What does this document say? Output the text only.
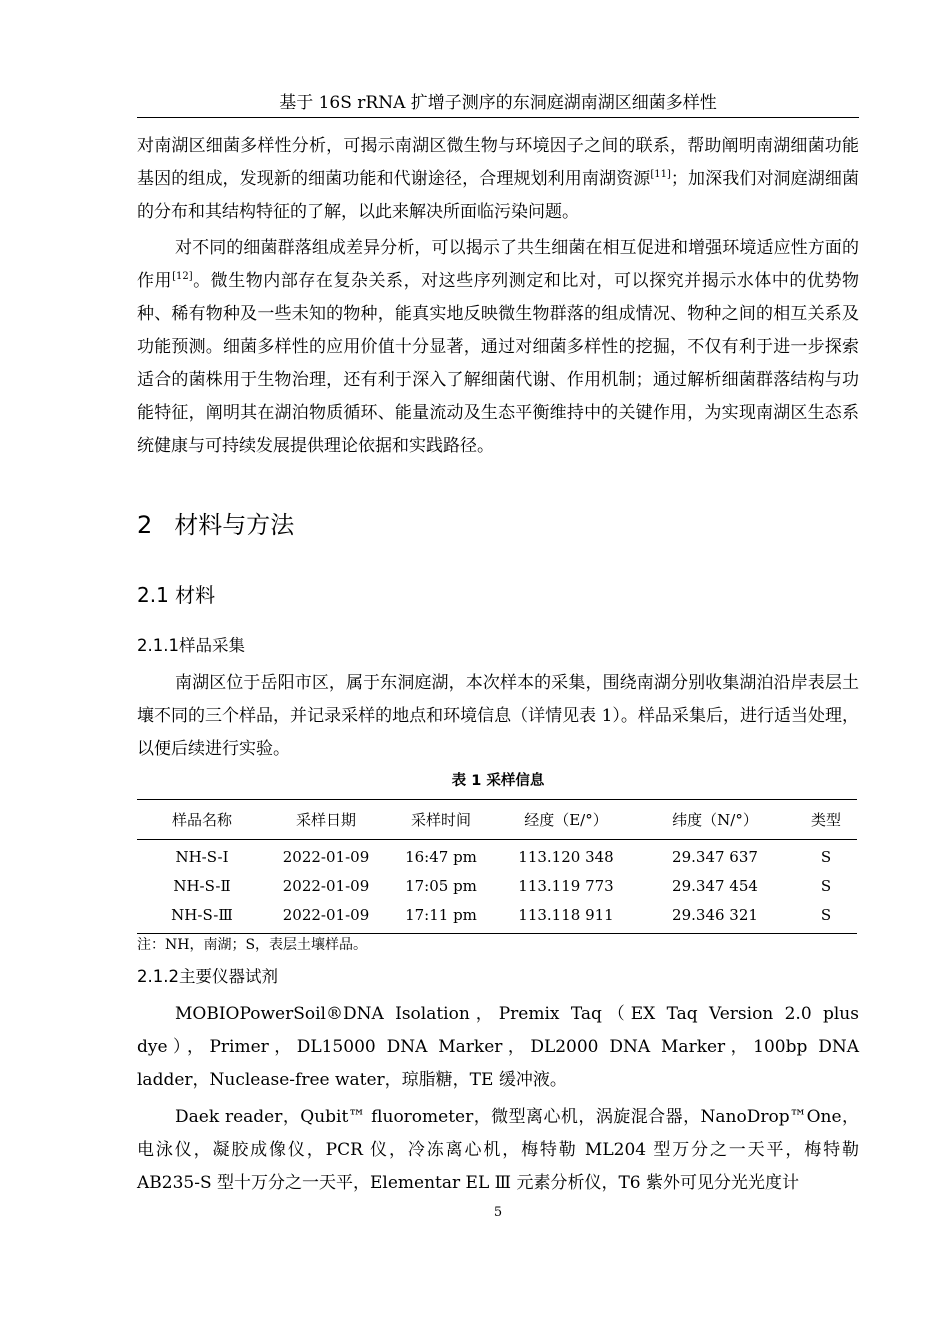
基于 16S rRNA 扩增子测序的东洞庭湖南湖区细菌多样性

对南湖区细菌多样性分析，可揭示南湖区微生物与环境因子之间的联系，帮助阐明南湖细菌功能基因的组成，发现新的细菌功能和代谢途径，合理规划利用南湖资源[11]；加深我们对洞庭湖细菌的分布和其结构特征的了解，以此来解决所面临污染问题。

对不同的细菌群落组成差异分析，可以揭示了共生细菌在相互促进和增强环境适应性方面的作用[12]。微生物内部存在复杂关系，对这些序列测定和比对，可以探究并揭示水体中的优势物种、稀有物种及一些未知的物种，能真实地反映微生物群落的组成情况、物种之间的相互关系及功能预测。细菌多样性的应用价值十分显著，通过对细菌多样性的挖掘，不仅有利于进一步探索适合的菌株用于生物治理，还有利于深入了解细菌代谢、作用机制；通过解析细菌群落结构与功能特征，阐明其在湖泊物质循环、能量流动及生态平衡维持中的关键作用，为实现南湖区生态系统健康与可持续发展提供理论依据和实践路径。

2 材料与方法
2.1 材料
2.1.1样品采集

南湖区位于岳阳市区，属于东洞庭湖，本次样本的采集，围绕南湖分别收集湖泊沿岸表层土壤不同的三个样品，并记录采样的地点和环境信息（详情见表 1）。样品采集后，进行适当处理，以便后续进行实验。

表 1 采样信息
样品名称	采样日期	采样时间	经度（E/°）	纬度（N/°）	类型
NH-S-Ⅰ	2022-01-09	16:47 pm	113.120 348	29.347 637	S
NH-S-Ⅱ	2022-01-09	17:05 pm	113.119 773	29.347 454	S
NH-S-Ⅲ	2022-01-09	17:11 pm	113.118 911	29.346 321	S
注：NH，南湖；S，表层土壤样品。
2.1.2主要仪器试剂

MOBIOPowerSoil®DNA Isolation，Premix Taq（EX Taq Version 2.0 plus dye），Primer，DL15000 DNA Marker，DL2000 DNA Marker，100bp DNA ladder，Nuclease-free water，琼脂糖，TE 缓冲液。

Daek reader，Qubit™ fluorometer，微型离心机，涡旋混合器，NanoDrop™One，电泳仪，凝胶成像仪，PCR 仪，冷冻离心机，梅特勒 ML204 型万分之一天平，梅特勒 AB235-S 型十万分之一天平，Elementar EL Ⅲ 元素分析仪，T6 紫外可见分光光度计

5
